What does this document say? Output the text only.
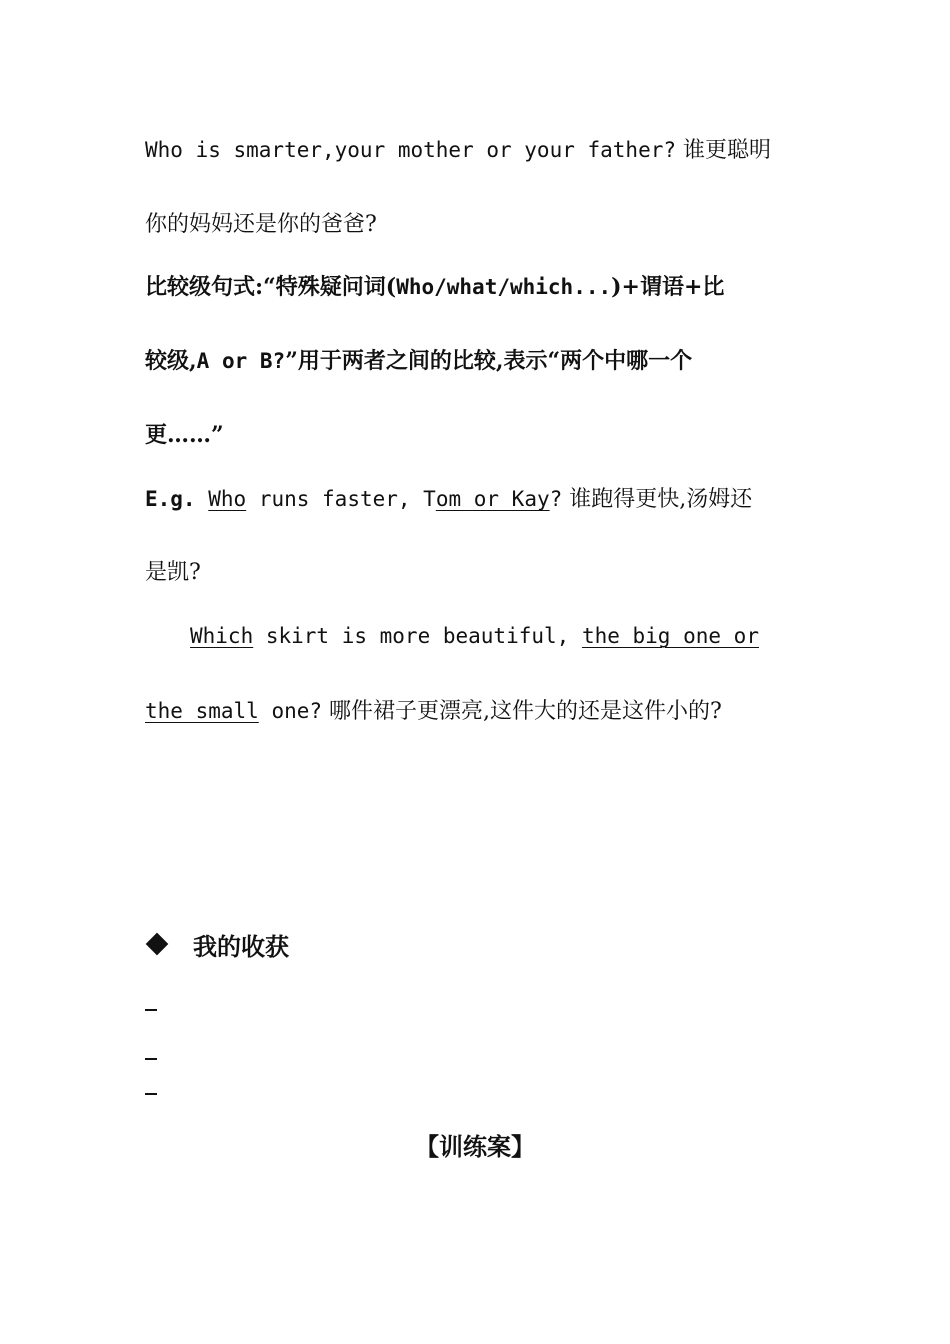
Who is smarter,your mother or your father? 谁更聪明
你的妈妈还是你的爸爸?
比较级句式:“特殊疑问词(Who/what/which...)+谓语+比
较级,A or B?”用于两者之间的比较,表示“两个中哪一个
更……”
E.g. Who runs faster, Tom or Kay? 谁跑得更快,汤姆还
是凯?
Which skirt is more beautiful, the big one or
the small one? 哪件裙子更漂亮,这件大的还是这件小的?
我的收获
【训练案】
